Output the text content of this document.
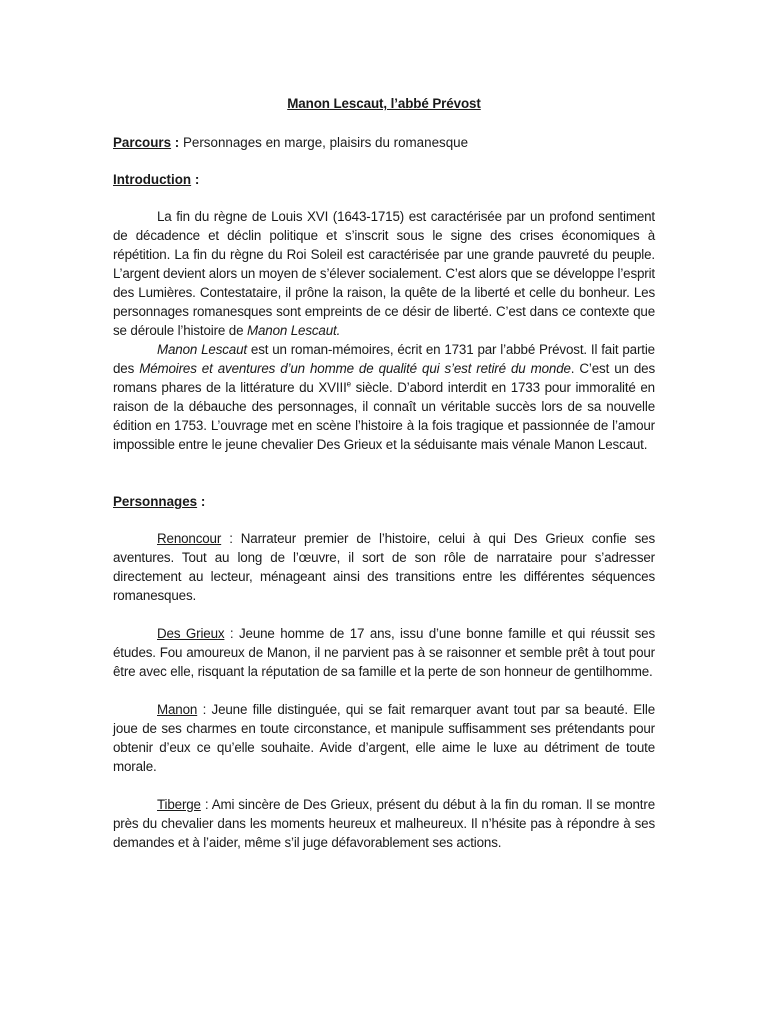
Manon Lescaut, l’abbé Prévost
Parcours : Personnages en marge, plaisirs du romanesque
Introduction :

La fin du règne de Louis XVI (1643-1715) est caractérisée par un profond sentiment de décadence et déclin politique et s’inscrit sous le signe des crises économiques à répétition. La fin du règne du Roi Soleil est caractérisée par une grande pauvreté du peuple. L’argent devient alors un moyen de s’élever socialement. C’est alors que se développe l’esprit des Lumières. Contestataire, il prône la raison, la quête de la liberté et celle du bonheur. Les personnages romanesques sont empreints de ce désir de liberté. C’est dans ce contexte que se déroule l’histoire de Manon Lescaut.

Manon Lescaut est un roman-mémoires, écrit en 1731 par l’abbé Prévost. Il fait partie des Mémoires et aventures d’un homme de qualité qui s’est retiré du monde. C’est un des romans phares de la littérature du XVIIIe siècle. D’abord interdit en 1733 pour immoralité en raison de la débauche des personnages, il connaît un véritable succès lors de sa nouvelle édition en 1753. L’ouvrage met en scène l’histoire à la fois tragique et passionnée de l’amour impossible entre le jeune chevalier Des Grieux et la séduisante mais vénale Manon Lescaut.

Personnages :

Renoncour : Narrateur premier de l’histoire, celui à qui Des Grieux confie ses aventures. Tout au long de l’œuvre, il sort de son rôle de narrataire pour s’adresser directement au lecteur, ménageant ainsi des transitions entre les différentes séquences romanesques.

Des Grieux : Jeune homme de 17 ans, issu d’une bonne famille et qui réussit ses études. Fou amoureux de Manon, il ne parvient pas à se raisonner et semble prêt à tout pour être avec elle, risquant la réputation de sa famille et la perte de son honneur de gentilhomme.

Manon : Jeune fille distinguée, qui se fait remarquer avant tout par sa beauté. Elle joue de ses charmes en toute circonstance, et manipule suffisamment ses prétendants pour obtenir d’eux ce qu’elle souhaite. Avide d’argent, elle aime le luxe au détriment de toute morale.

Tiberge : Ami sincère de Des Grieux, présent du début à la fin du roman. Il se montre près du chevalier dans les moments heureux et malheureux. Il n’hésite pas à répondre à ses demandes et à l’aider, même s’il juge défavorablement ses actions.
